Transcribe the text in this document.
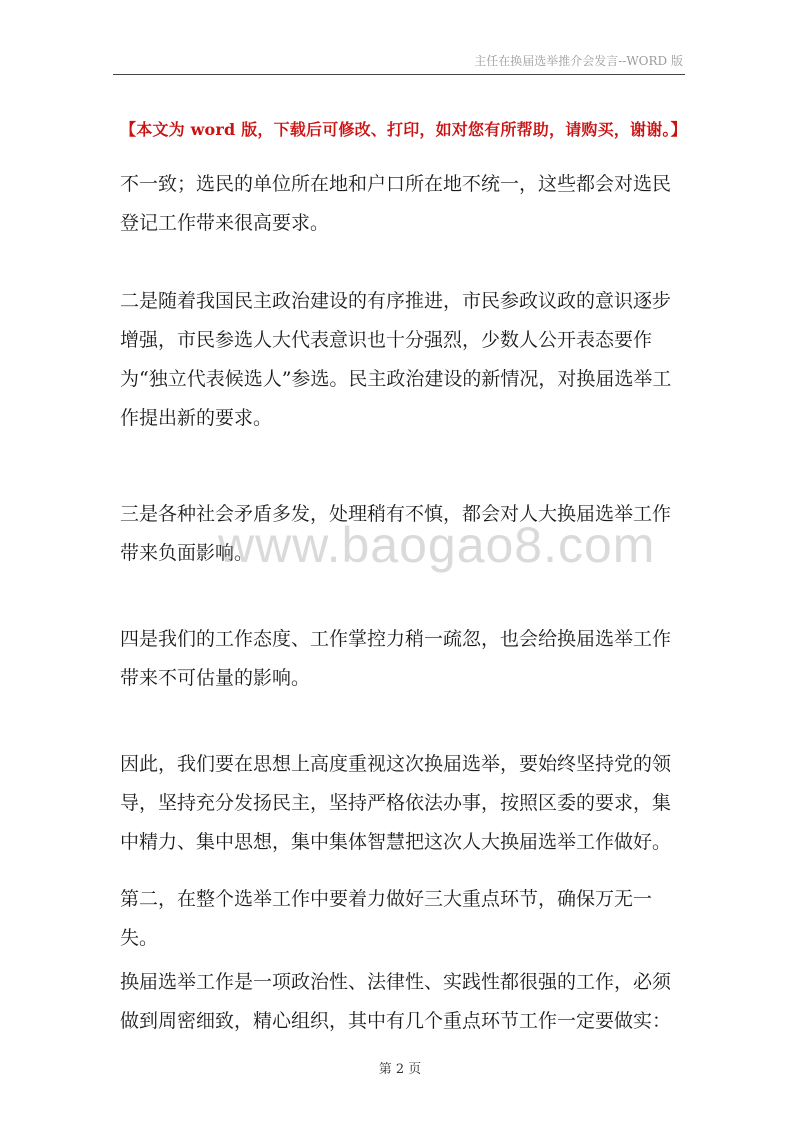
主任在换届选举推介会发言--WORD 版
【本文为 word 版，下载后可修改、打印，如对您有所帮助，请购买，谢谢。】

不一致；选民的单位所在地和户口所在地不统一，这些都会对选民登记工作带来很高要求。

二是随着我国民主政治建设的有序推进，市民参政议政的意识逐步增强，市民参选人大代表意识也十分强烈，少数人公开表态要作为“独立代表候选人”参选。民主政治建设的新情况，对换届选举工作提出新的要求。

三是各种社会矛盾多发，处理稍有不慎，都会对人大换届选举工作带来负面影响。

四是我们的工作态度、工作掌控力稍一疏忽，也会给换届选举工作带来不可估量的影响。

因此，我们要在思想上高度重视这次换届选举，要始终坚持党的领导，坚持充分发扬民主，坚持严格依法办事，按照区委的要求，集中精力、集中思想，集中集体智慧把这次人大换届选举工作做好。

第二，在整个选举工作中要着力做好三大重点环节，确保万无一失。

换届选举工作是一项政治性、法律性、实践性都很强的工作，必须做到周密细致，精心组织，其中有几个重点环节工作一定要做实：

www.baogao8.com
第 2 页
